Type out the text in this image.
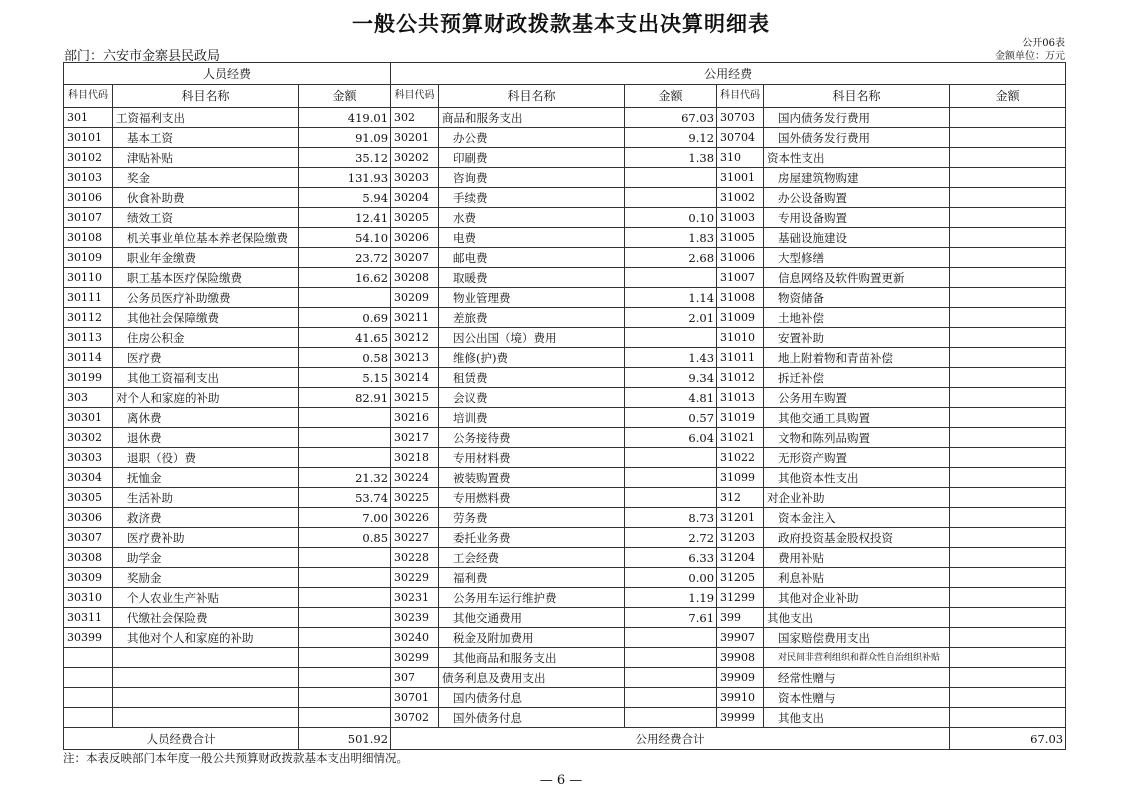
一般公共预算财政拨款基本支出决算明细表
公开06表
部门：六安市金寨县民政局	金额单位：万元
人员经费			公用经费					
科目代码	科目名称	金额	科目代码	科目名称	金额	科目代码	科目名称	金额
301	工资福利支出	419.01	302	商品和服务支出	67.03	30703	国内债务发行费用	
30101	基本工资	91.09	30201	办公费	9.12	30704	国外债务发行费用	
30102	津贴补贴	35.12	30202	印刷费	1.38	310	资本性支出	
30103	奖金	131.93	30203	咨询费		31001	房屋建筑物购建	
30106	伙食补助费	5.94	30204	手续费		31002	办公设备购置	
30107	绩效工资	12.41	30205	水费	0.10	31003	专用设备购置	
30108	机关事业单位基本养老保险缴费	54.10	30206	电费	1.83	31005	基础设施建设	
30109	职业年金缴费	23.72	30207	邮电费	2.68	31006	大型修缮	
30110	职工基本医疗保险缴费	16.62	30208	取暖费		31007	信息网络及软件购置更新	
30111	公务员医疗补助缴费		30209	物业管理费	1.14	31008	物资储备	
30112	其他社会保障缴费	0.69	30211	差旅费	2.01	31009	土地补偿	
30113	住房公积金	41.65	30212	因公出国（境）费用		31010	安置补助	
30114	医疗费	0.58	30213	维修(护)费	1.43	31011	地上附着物和青苗补偿	
30199	其他工资福利支出	5.15	30214	租赁费	9.34	31012	拆迁补偿	
303	对个人和家庭的补助	82.91	30215	会议费	4.81	31013	公务用车购置	
30301	离休费		30216	培训费	0.57	31019	其他交通工具购置	
30302	退休费		30217	公务接待费	6.04	31021	文物和陈列品购置	
30303	退职（役）费		30218	专用材料费		31022	无形资产购置	
30304	抚恤金	21.32	30224	被装购置费		31099	其他资本性支出	
30305	生活补助	53.74	30225	专用燃料费		312	对企业补助	
30306	救济费	7.00	30226	劳务费	8.73	31201	资本金注入	
30307	医疗费补助	0.85	30227	委托业务费	2.72	31203	政府投资基金股权投资	
30308	助学金		30228	工会经费	6.33	31204	费用补贴	
30309	奖励金		30229	福利费	0.00	31205	利息补贴	
30310	个人农业生产补贴		30231	公务用车运行维护费	1.19	31299	其他对企业补助	
30311	代缴社会保险费		30239	其他交通费用	7.61	399	其他支出	
30399	其他对个人和家庭的补助		30240	税金及附加费用		39907	国家赔偿费用支出	
			30299	其他商品和服务支出		39908	对民间非营利组织和群众性自治组织补贴	
			307	债务利息及费用支出		39909	经常性赠与	
			30701	国内债务付息		39910	资本性赠与	
			30702	国外债务付息		39999	其他支出	
人员经费合计		501.92	公用经费合计					67.03
注：本表反映部门本年度一般公共预算财政拨款基本支出明细情况。
— 6 —
